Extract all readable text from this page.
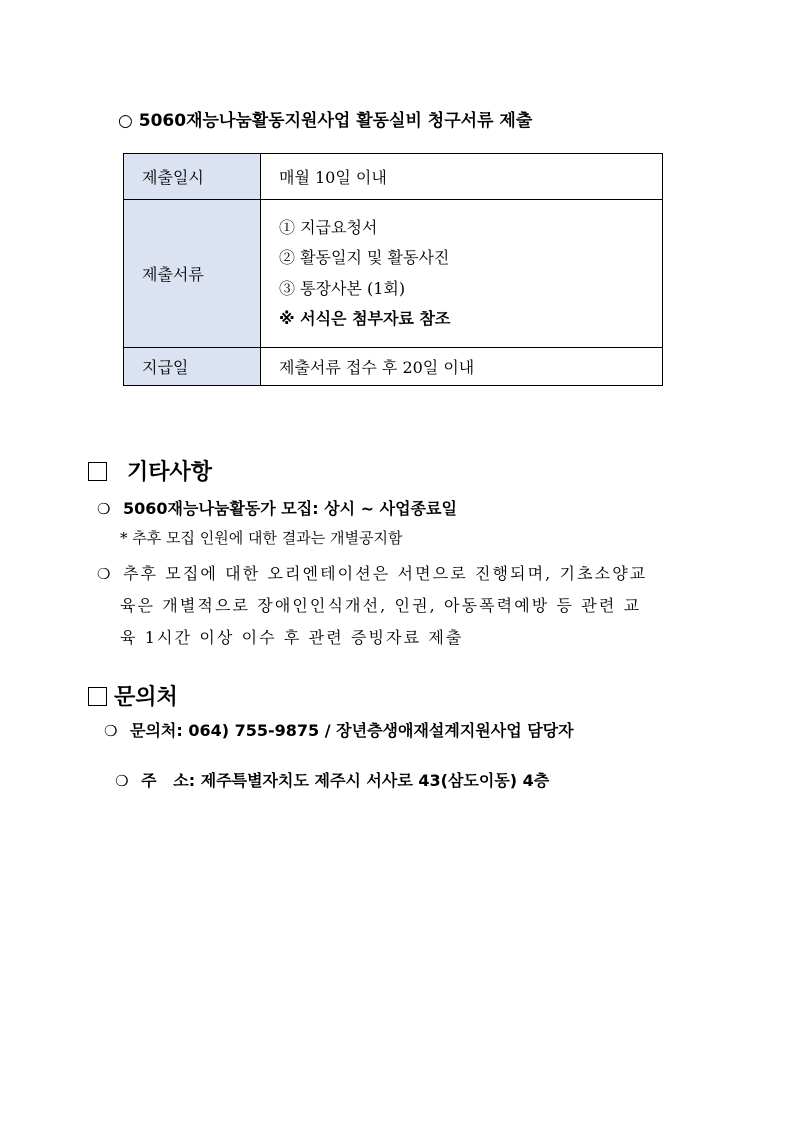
○ 5060재능나눔활동지원사업 활동실비 청구서류 제출
제출일시	매월 10일 이내
제출서류	① 지급요청서
② 활동일지 및 활동사진
③ 통장사본 (1회)
※ 서식은 첨부자료 참조

지급일	제출서류 접수 후 20일 이내
기타사항
❍ 5060재능나눔활동가 모집: 상시 ~ 사업종료일
* 추후 모집 인원에 대한 결과는 개별공지함
❍ 추후 모집에 대한 오리엔테이션은 서면으로 진행되며, 기초소양교
육은 개별적으로 장애인인식개선, 인권, 아동폭력예방 등 관련 교
육 1시간 이상 이수 후 관련 증빙자료 제출
문의처
❍ 문의처: 064) 755-9875 / 장년층생애재설계지원사업 담당자

❍ 주   소: 제주특별자치도 제주시 서사로 43(삼도이동) 4층
